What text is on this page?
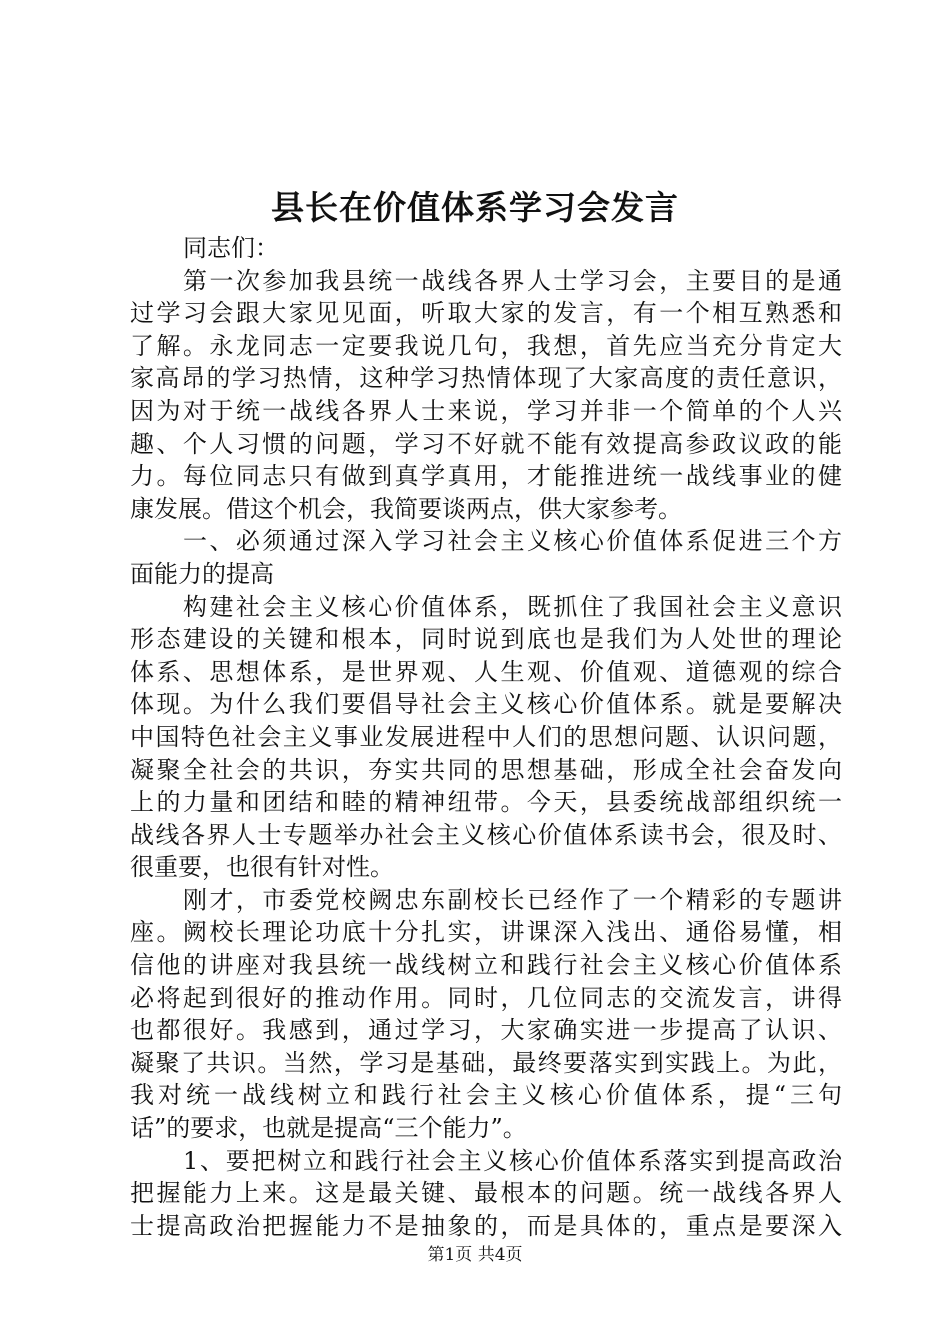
县长在价值体系学习会发言
同志们：
第一次参加我县统一战线各界人士学习会，主要目的是通
过学习会跟大家见见面，听取大家的发言，有一个相互熟悉和
了解。永龙同志一定要我说几句，我想，首先应当充分肯定大
家高昂的学习热情，这种学习热情体现了大家高度的责任意识，
因为对于统一战线各界人士来说，学习并非一个简单的个人兴
趣、个人习惯的问题，学习不好就不能有效提高参政议政的能
力。每位同志只有做到真学真用，才能推进统一战线事业的健
康发展。借这个机会，我简要谈两点，供大家参考。
一、必须通过深入学习社会主义核心价值体系促进三个方
面能力的提高
构建社会主义核心价值体系，既抓住了我国社会主义意识
形态建设的关键和根本，同时说到底也是我们为人处世的理论
体系、思想体系，是世界观、人生观、价值观、道德观的综合
体现。为什么我们要倡导社会主义核心价值体系。就是要解决
中国特色社会主义事业发展进程中人们的思想问题、认识问题，
凝聚全社会的共识，夯实共同的思想基础，形成全社会奋发向
上的力量和团结和睦的精神纽带。今天，县委统战部组织统一
战线各界人士专题举办社会主义核心价值体系读书会，很及时、
很重要，也很有针对性。
刚才，市委党校阙忠东副校长已经作了一个精彩的专题讲
座。阙校长理论功底十分扎实，讲课深入浅出、通俗易懂，相
信他的讲座对我县统一战线树立和践行社会主义核心价值体系
必将起到很好的推动作用。同时，几位同志的交流发言，讲得
也都很好。我感到，通过学习，大家确实进一步提高了认识、
凝聚了共识。当然，学习是基础，最终要落实到实践上。为此，
我对统一战线树立和践行社会主义核心价值体系，提“三句
话”的要求，也就是提高“三个能力”。
1、要把树立和践行社会主义核心价值体系落实到提高政治
把握能力上来。这是最关键、最根本的问题。统一战线各界人
士提高政治把握能力不是抽象的，而是具体的，重点是要深入
第1页 共4页
